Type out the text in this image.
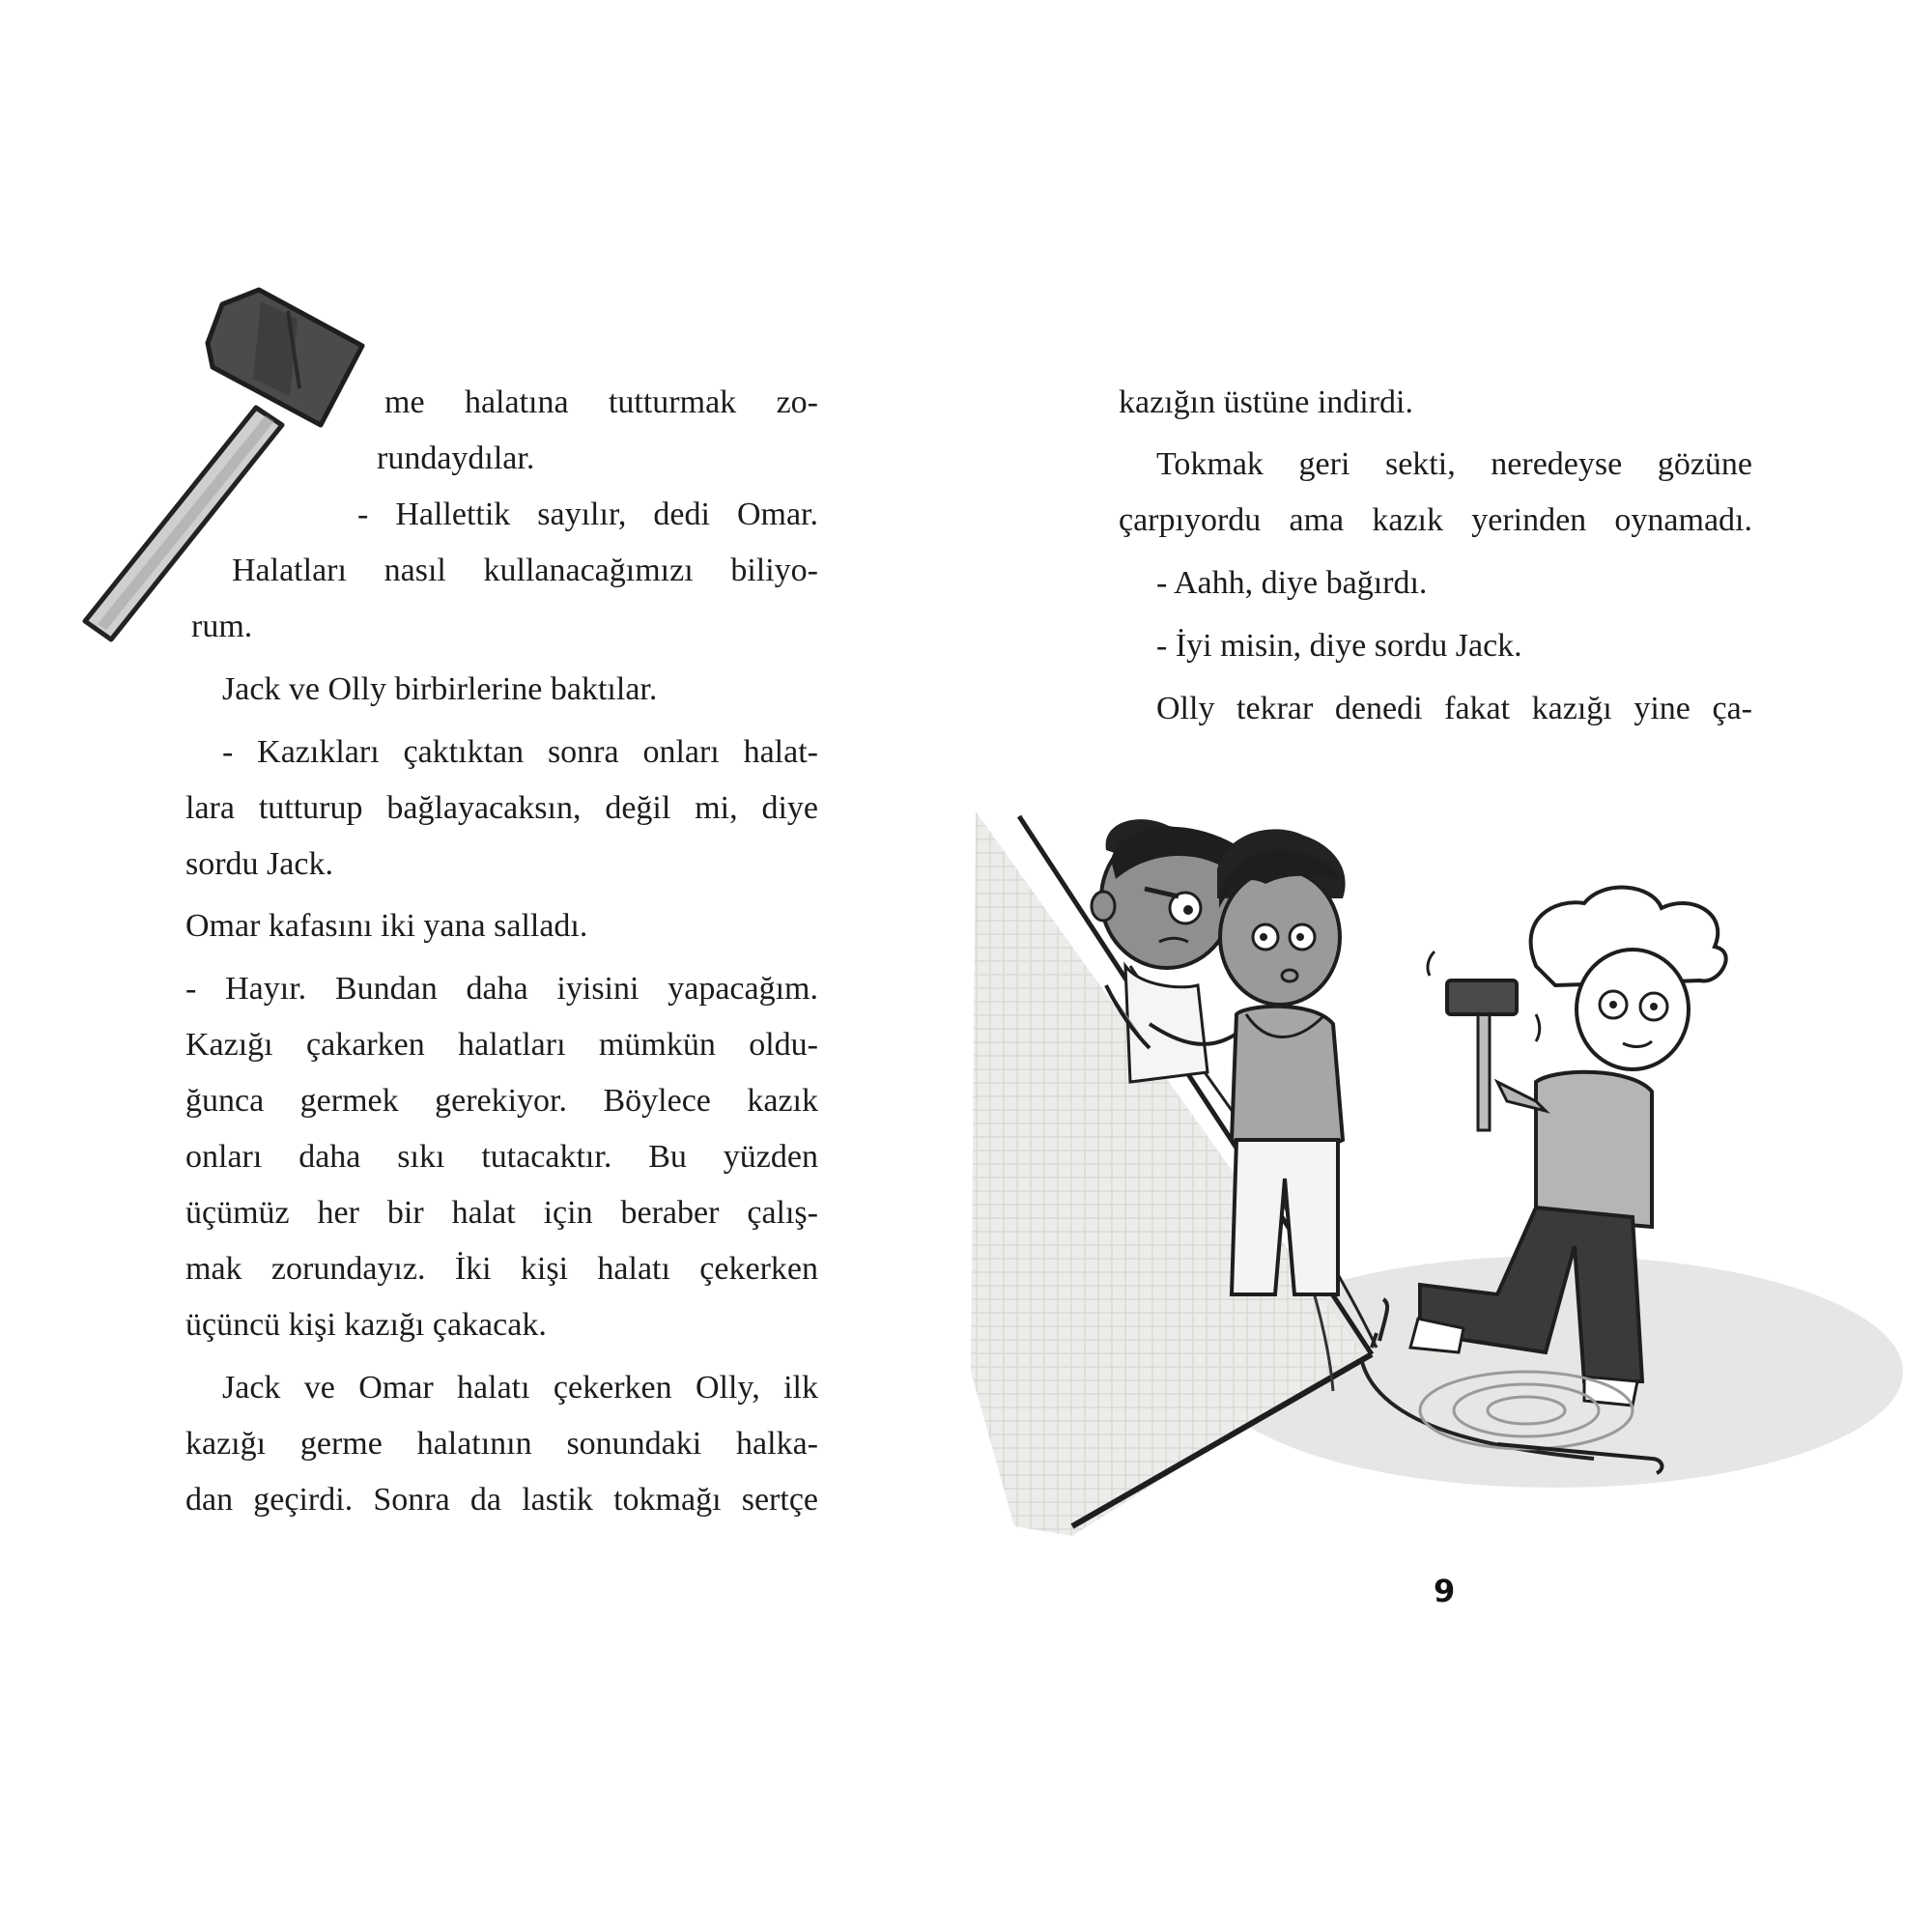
me halatına tutturmak zo-
rundaydılar.
- Hallettik sayılır, dedi Omar.
Halatları nasıl kullanacağımızı biliyo-
rum.
Jack ve Olly birbirlerine baktılar.
- Kazıkları çaktıktan sonra onları halat-
lara tutturup bağlayacaksın, değil mi, diye
sordu Jack.
Omar kafasını iki yana salladı.
- Hayır. Bundan daha iyisini yapacağım.
Kazığı çakarken halatları mümkün oldu-
ğunca germek gerekiyor. Böylece kazık
onları daha sıkı tutacaktır. Bu yüzden
üçümüz her bir halat için beraber çalış-
mak zorundayız. İki kişi halatı çekerken
üçüncü kişi kazığı çakacak.
Jack ve Omar halatı çekerken Olly, ilk
kazığı germe halatının sonundaki halka-
dan geçirdi. Sonra da lastik tokmağı sertçe
kazığın üstüne indirdi.
Tokmak geri sekti, neredeyse gözüne
çarpıyordu ama kazık yerinden oynamadı.
- Aahh, diye bağırdı.
- İyi misin, diye sordu Jack.
Olly tekrar denedi fakat kazığı yine ça-
9
